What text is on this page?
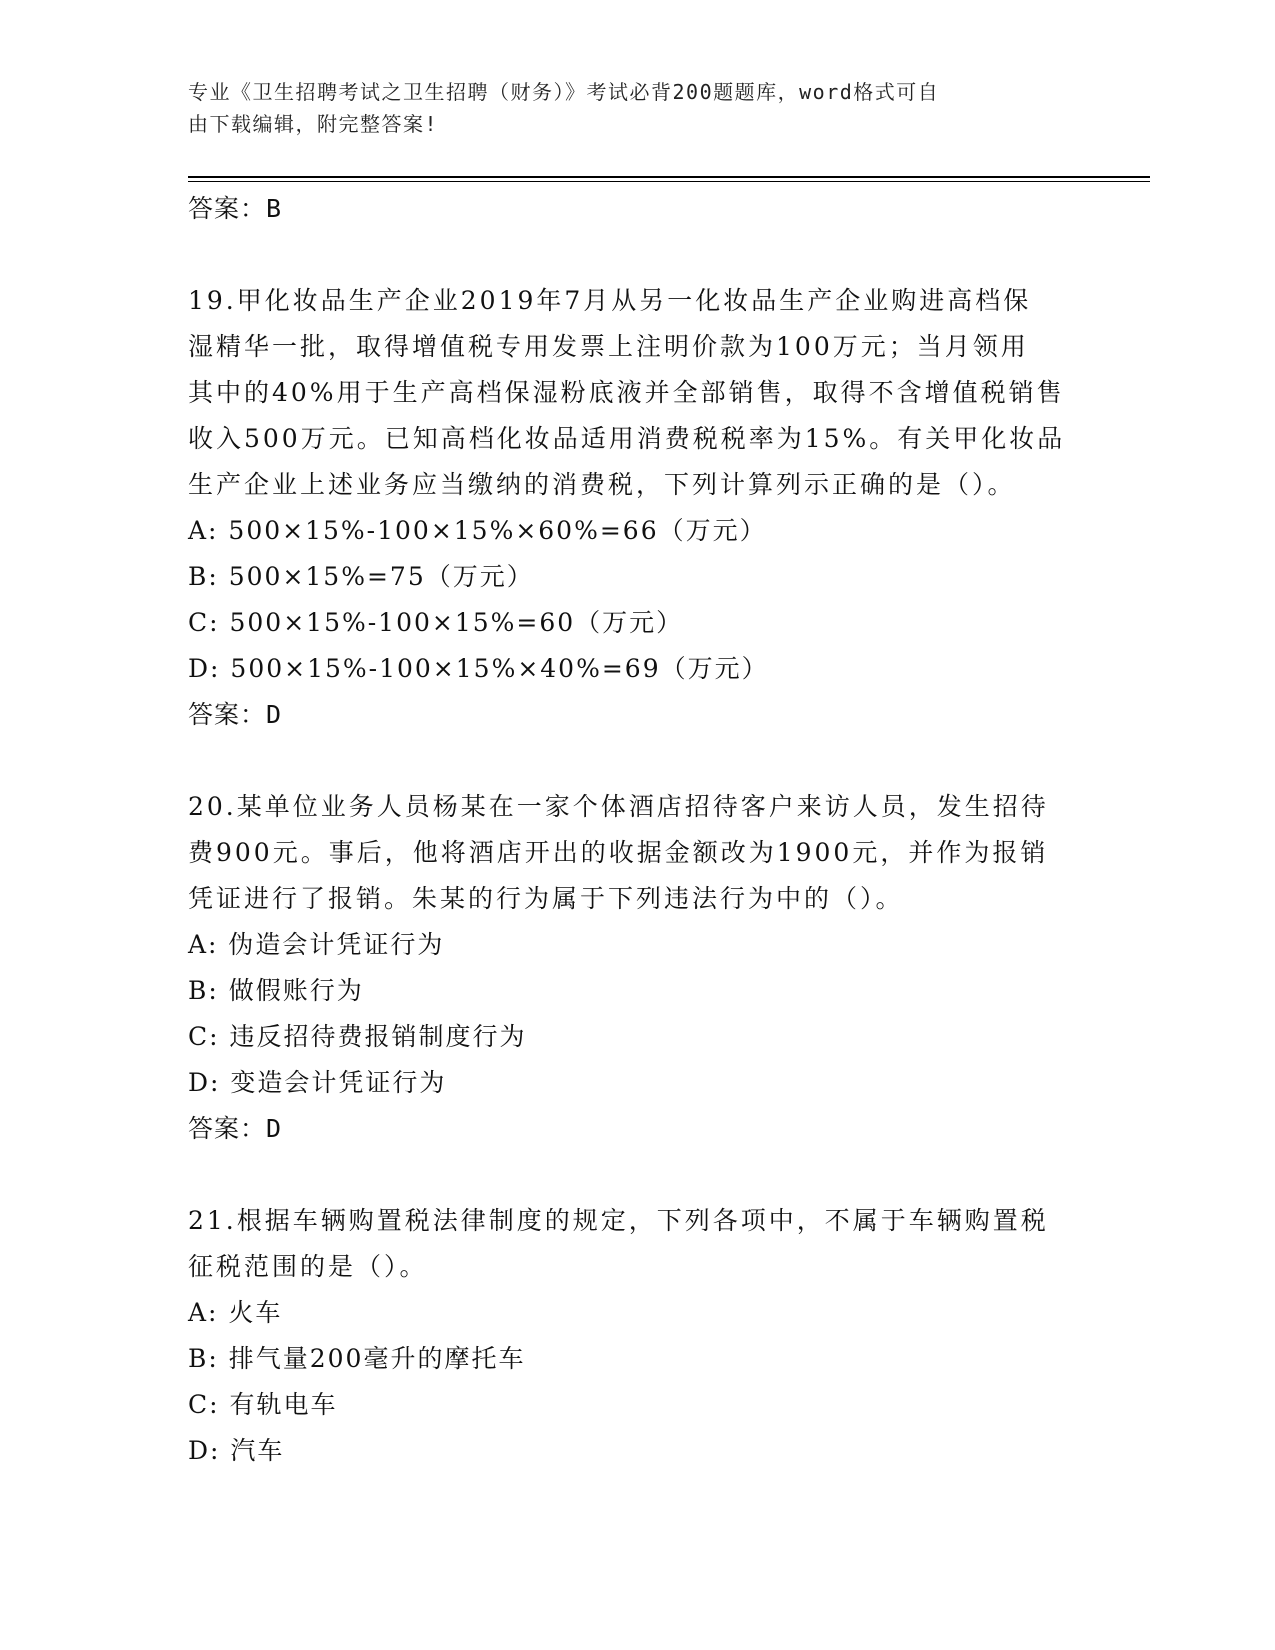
专业《卫生招聘考试之卫生招聘（财务）》考试必背200题题库，word格式可自
由下载编辑，附完整答案!
答案：B
19.甲化妆品生产企业2019年7月从另一化妆品生产企业购进高档保
湿精华一批，取得增值税专用发票上注明价款为100万元；当月领用
其中的40%用于生产高档保湿粉底液并全部销售，取得不含增值税销售
收入500万元。已知高档化妆品适用消费税税率为15%。有关甲化妆品
生产企业上述业务应当缴纳的消费税，下列计算列示正确的是（）。
A: 500×15%-100×15%×60%=66（万元）
B: 500×15%=75（万元）
C: 500×15%-100×15%=60（万元）
D: 500×15%-100×15%×40%=69（万元）
答案：D
20.某单位业务人员杨某在一家个体酒店招待客户来访人员，发生招待
费900元。事后，他将酒店开出的收据金额改为1900元，并作为报销
凭证进行了报销。朱某的行为属于下列违法行为中的（）。
A: 伪造会计凭证行为
B: 做假账行为
C: 违反招待费报销制度行为
D: 变造会计凭证行为
答案：D
21.根据车辆购置税法律制度的规定，下列各项中，不属于车辆购置税
征税范围的是（）。
A: 火车
B: 排气量200毫升的摩托车
C: 有轨电车
D: 汽车
